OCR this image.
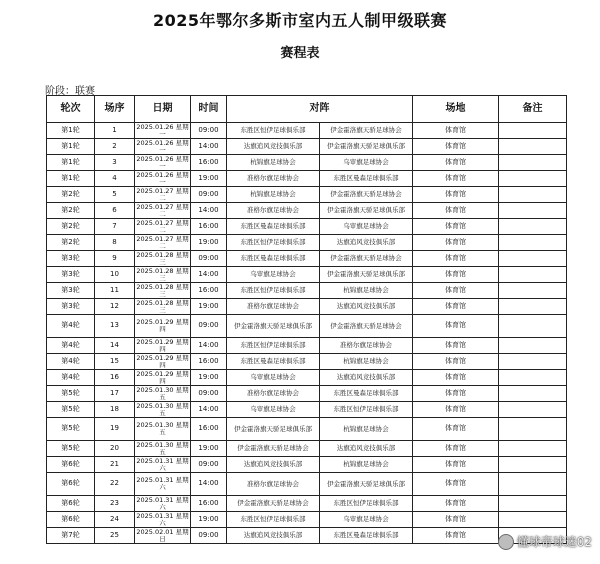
2025年鄂尔多斯市室内五人制甲级联赛
赛程表
阶段：联赛
轮次	场序	日期	时间	对阵		场地	备注
第1轮	1	2025.01.26 星期一	09:00	东胜区恒伊足球俱乐部	伊金霍洛旗天骄足球协会	体育馆	
第1轮	2	2025.01.26 星期一	14:00	达旗追风竞技俱乐部	伊金霍洛旗天骄足球俱乐部	体育馆	
第1轮	3	2025.01.26 星期一	16:00	杭锦旗足球协会	乌审旗足球协会	体育馆	
第1轮	4	2025.01.26 星期一	19:00	准格尔旗足球协会	东胜区曼森足球俱乐部	体育馆	
第2轮	5	2025.01.27 星期二	09:00	杭锦旗足球协会	伊金霍洛旗天骄足球协会	体育馆	
第2轮	6	2025.01.27 星期二	14:00	准格尔旗足球协会	伊金霍洛旗天骄足球俱乐部	体育馆	
第2轮	7	2025.01.27 星期二	16:00	东胜区曼森足球俱乐部	乌审旗足球协会	体育馆	
第2轮	8	2025.01.27 星期二	19:00	东胜区恒伊足球俱乐部	达旗追风竞技俱乐部	体育馆	
第3轮	9	2025.01.28 星期三	09:00	东胜区曼森足球俱乐部	伊金霍洛旗天骄足球协会	体育馆	
第3轮	10	2025.01.28 星期三	14:00	乌审旗足球协会	伊金霍洛旗天骄足球俱乐部	体育馆	
第3轮	11	2025.01.28 星期三	16:00	东胜区恒伊足球俱乐部	杭锦旗足球协会	体育馆	
第3轮	12	2025.01.28 星期三	19:00	准格尔旗足球协会	达旗追风竞技俱乐部	体育馆	
第4轮	13	2025.01.29 星期四	09:00	伊金霍洛旗天骄足球俱乐部	伊金霍洛旗天骄足球协会	体育馆	
第4轮	14	2025.01.29 星期四	14:00	东胜区恒伊足球俱乐部	准格尔旗足球协会	体育馆	
第4轮	15	2025.01.29 星期四	16:00	东胜区曼森足球俱乐部	杭锦旗足球协会	体育馆	
第4轮	16	2025.01.29 星期四	19:00	乌审旗足球协会	达旗追风竞技俱乐部	体育馆	
第5轮	17	2025.01.30 星期五	09:00	准格尔旗足球协会	东胜区曼森足球俱乐部	体育馆	
第5轮	18	2025.01.30 星期五	14:00	乌审旗足球协会	东胜区恒伊足球俱乐部	体育馆	
第5轮	19	2025.01.30 星期五	16:00	伊金霍洛旗天骄足球俱乐部	杭锦旗足球协会	体育馆	
第5轮	20	2025.01.30 星期五	19:00	伊金霍洛旗天骄足球协会	达旗追风竞技俱乐部	体育馆	
第6轮	21	2025.01.31 星期六	09:00	达旗追风竞技俱乐部	杭锦旗足球协会	体育馆	
第6轮	22	2025.01.31 星期六	14:00	准格尔旗足球协会	伊金霍洛旗天骄足球俱乐部	体育馆	
第6轮	23	2025.01.31 星期六	16:00	伊金霍洛旗天骄足球协会	东胜区恒伊足球俱乐部	体育馆	
第6轮	24	2025.01.31 星期六	19:00	东胜区恒伊足球俱乐部	乌审旗足球协会	体育馆	
第7轮	25	2025.02.01 星期日	09:00	达旗追风竞技俱乐部	东胜区曼森足球俱乐部	体育馆	
懂球帝球迷02
